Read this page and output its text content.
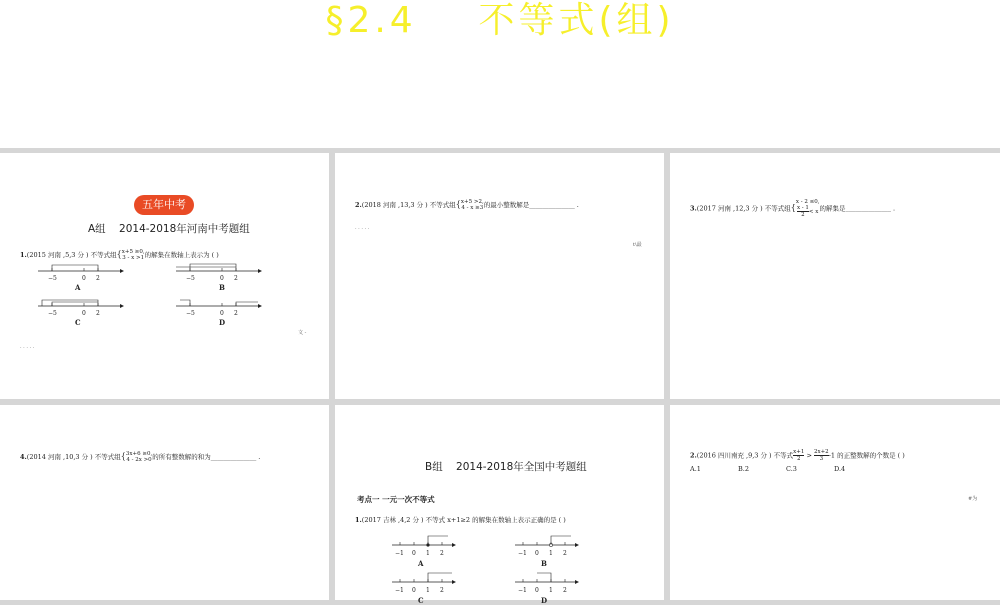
§2.4    不等式(组)
五年中考
A组    2014-2018年河南中考题组
1.(2015 河南 ,5,3 分 ) 不等式组{ x+5 ≥0,
3 - x >1的解集在数轴上表示为 ( )
−5	0 2
A
−5	0 2
B
−5	0 2
C
−5	0 2
D
文 ‑
. . . . .
2.(2018 河南 ,13,3 分 ) 不等式组{ x+5 >2,
4 - x ≥3的最小整数解是______________ .
. . . . .
t\最
3.(2017 河南 ,12,3 分 ) 不等式组{
x - 2 ≤0,
$\frac{x - 1}{2}< x$的解集是______________ .
4.(2014 河南 ,10,3 分 ) 不等式组{ 3x+6 ≥0,
4 - 2x >0的所有整数解的和为______________ .
B组    2014-2018年全国中考题组
考点一 一元一次不等式
1.(2017 吉林 ,4,2 分 ) 不等式 x+1≥2 的解集在数轴上表示正确的是 ( )
−1 0 1 2
A
−1 0 1 2
B
−1 0 1 2
C
−1 0 1 2
D
2.(2016 四川南充 ,9,3 分 ) 不等式 $\frac{x+1}{2} > \frac{2x+2}{3}-1$ 的正整数解的个数是 ( )
A.1	B.2	C.3	D.4
#为
